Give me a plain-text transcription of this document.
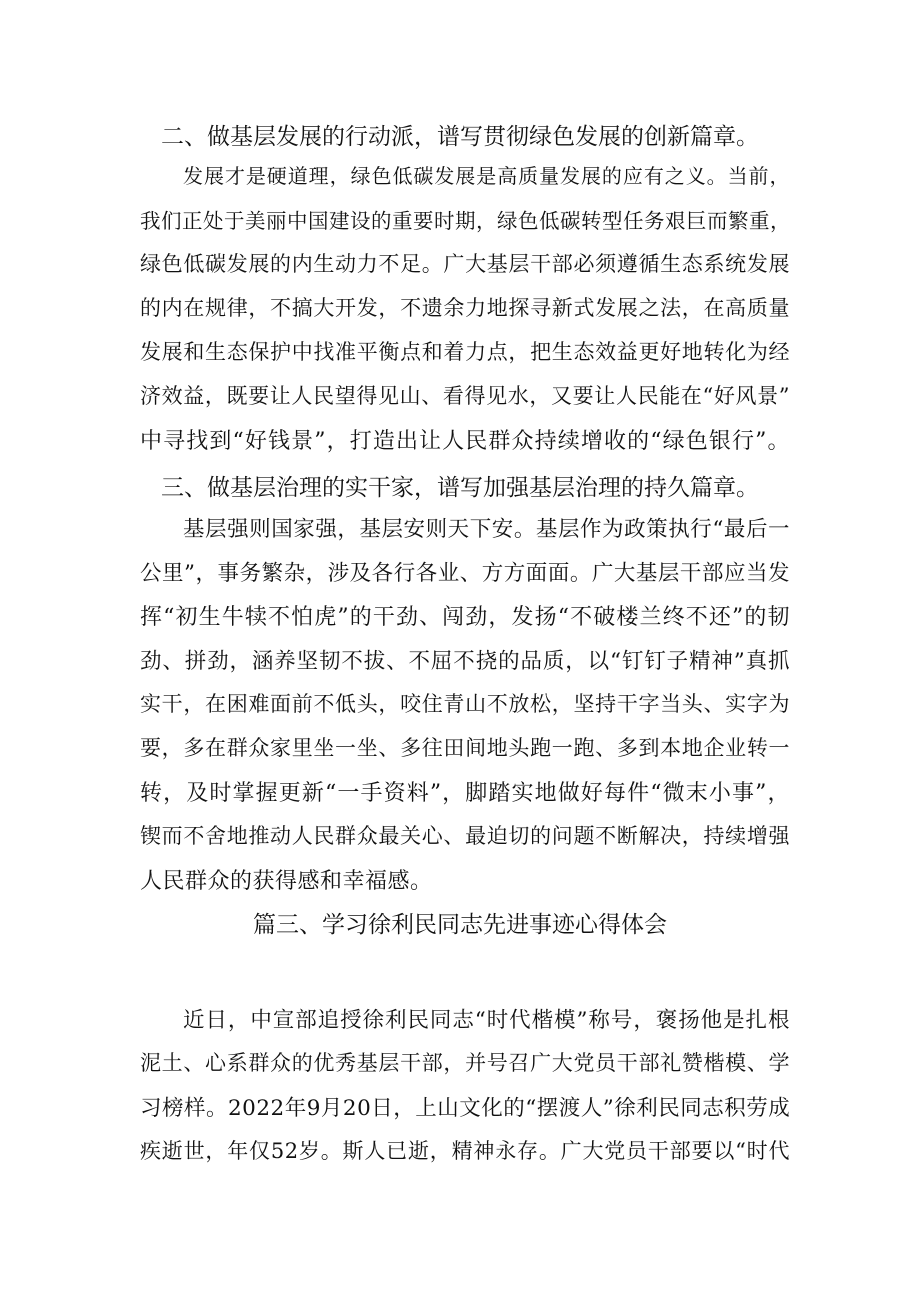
二、做基层发展的行动派，谱写贯彻绿色发展的创新篇章。
发展才是硬道理，绿色低碳发展是高质量发展的应有之义。当前，
我们正处于美丽中国建设的重要时期，绿色低碳转型任务艰巨而繁重，
绿色低碳发展的内生动力不足。广大基层干部必须遵循生态系统发展
的内在规律，不搞大开发，不遗余力地探寻新式发展之法，在高质量
发展和生态保护中找准平衡点和着力点，把生态效益更好地转化为经
济效益，既要让人民望得见山、看得见水，又要让人民能在“好风景”
中寻找到“好钱景”，打造出让人民群众持续增收的“绿色银行”。
三、做基层治理的实干家，谱写加强基层治理的持久篇章。
基层强则国家强，基层安则天下安。基层作为政策执行“最后一
公里”，事务繁杂，涉及各行各业、方方面面。广大基层干部应当发
挥“初生牛犊不怕虎”的干劲、闯劲，发扬“不破楼兰终不还”的韧
劲、拼劲，涵养坚韧不拔、不屈不挠的品质，以“钉钉子精神”真抓
实干，在困难面前不低头，咬住青山不放松，坚持干字当头、实字为
要，多在群众家里坐一坐、多往田间地头跑一跑、多到本地企业转一
转，及时掌握更新“一手资料”，脚踏实地做好每件“微末小事”，
锲而不舍地推动人民群众最关心、最迫切的问题不断解决，持续增强
人民群众的获得感和幸福感。
篇三、学习徐利民同志先进事迹心得体会
近日，中宣部追授徐利民同志“时代楷模”称号，褒扬他是扎根
泥土、心系群众的优秀基层干部，并号召广大党员干部礼赞楷模、学
习榜样。2022年9月20日，上山文化的“摆渡人”徐利民同志积劳成
疾逝世，年仅52岁。斯人已逝，精神永存。广大党员干部要以“时代
